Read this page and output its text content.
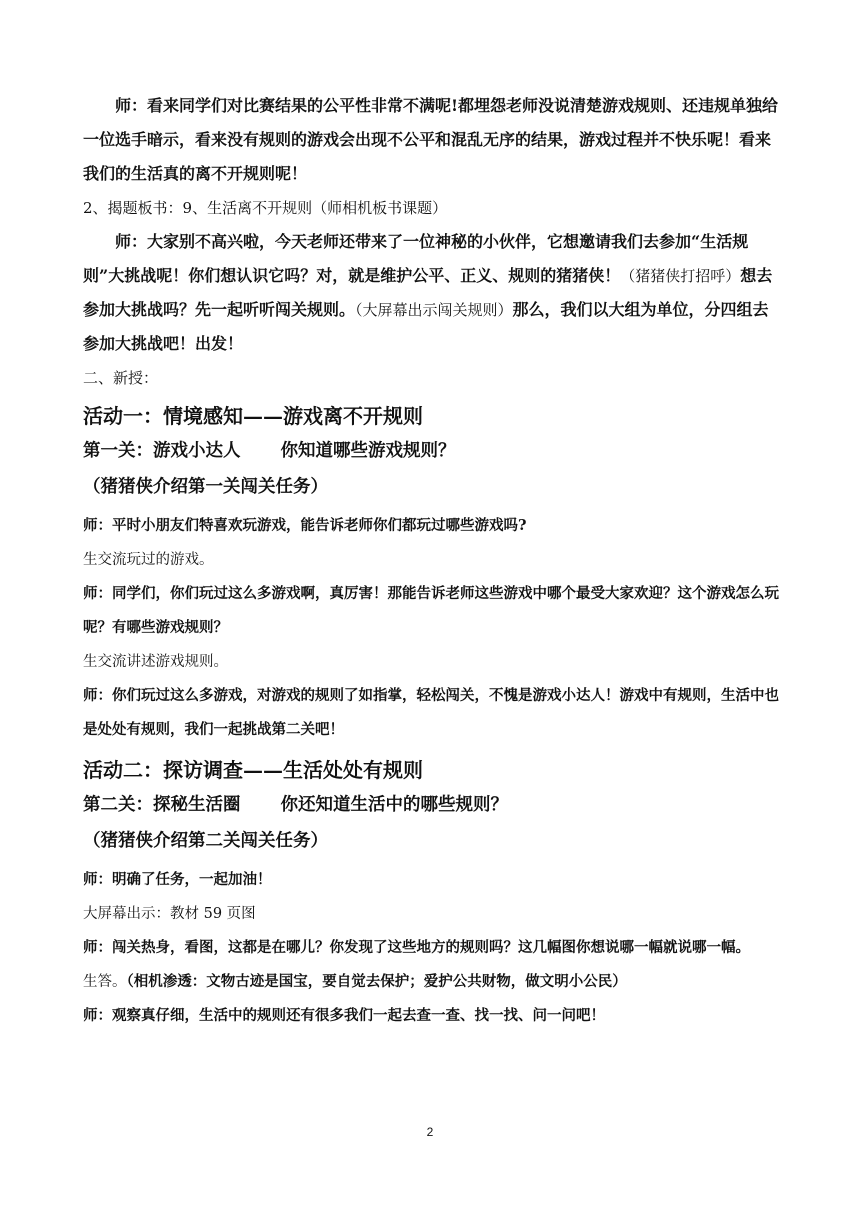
师：看来同学们对比赛结果的公平性非常不满呢!都埋怨老师没说清楚游戏规则、还违规单独给一位选手暗示，看来没有规则的游戏会出现不公平和混乱无序的结果，游戏过程并不快乐呢！看来我们的生活真的离不开规则呢！

2、揭题板书：9、生活离不开规则（师相机板书课题）

师：大家别不高兴啦，今天老师还带来了一位神秘的小伙伴，它想邀请我们去参加“生活规则”大挑战呢！你们想认识它吗？对，就是维护公平、正义、规则的猪猪侠！（猪猪侠打招呼）想去参加大挑战吗？先一起听听闯关规则。（大屏幕出示闯关规则）那么，我们以大组为单位，分四组去参加大挑战吧！出发！

二、新授：

活动一：情境感知——游戏离不开规则

第一关：游戏小达人 你知道哪些游戏规则？

（猪猪侠介绍第一关闯关任务）

师：平时小朋友们特喜欢玩游戏，能告诉老师你们都玩过哪些游戏吗?

生交流玩过的游戏。

师：同学们，你们玩过这么多游戏啊，真厉害！那能告诉老师这些游戏中哪个最受大家欢迎？这个游戏怎么玩呢？有哪些游戏规则？

生交流讲述游戏规则。

师：你们玩过这么多游戏，对游戏的规则了如指掌，轻松闯关，不愧是游戏小达人！游戏中有规则，生活中也是处处有规则，我们一起挑战第二关吧！

活动二：探访调查——生活处处有规则

第二关：探秘生活圈 你还知道生活中的哪些规则？

（猪猪侠介绍第二关闯关任务）

师：明确了任务，一起加油！

大屏幕出示：教材 59 页图

师：闯关热身，看图，这都是在哪儿？你发现了这些地方的规则吗？这几幅图你想说哪一幅就说哪一幅。

生答。（相机渗透：文物古迹是国宝，要自觉去保护；爱护公共财物，做文明小公民）

师：观察真仔细，生活中的规则还有很多我们一起去查一查、找一找、问一问吧！

2
